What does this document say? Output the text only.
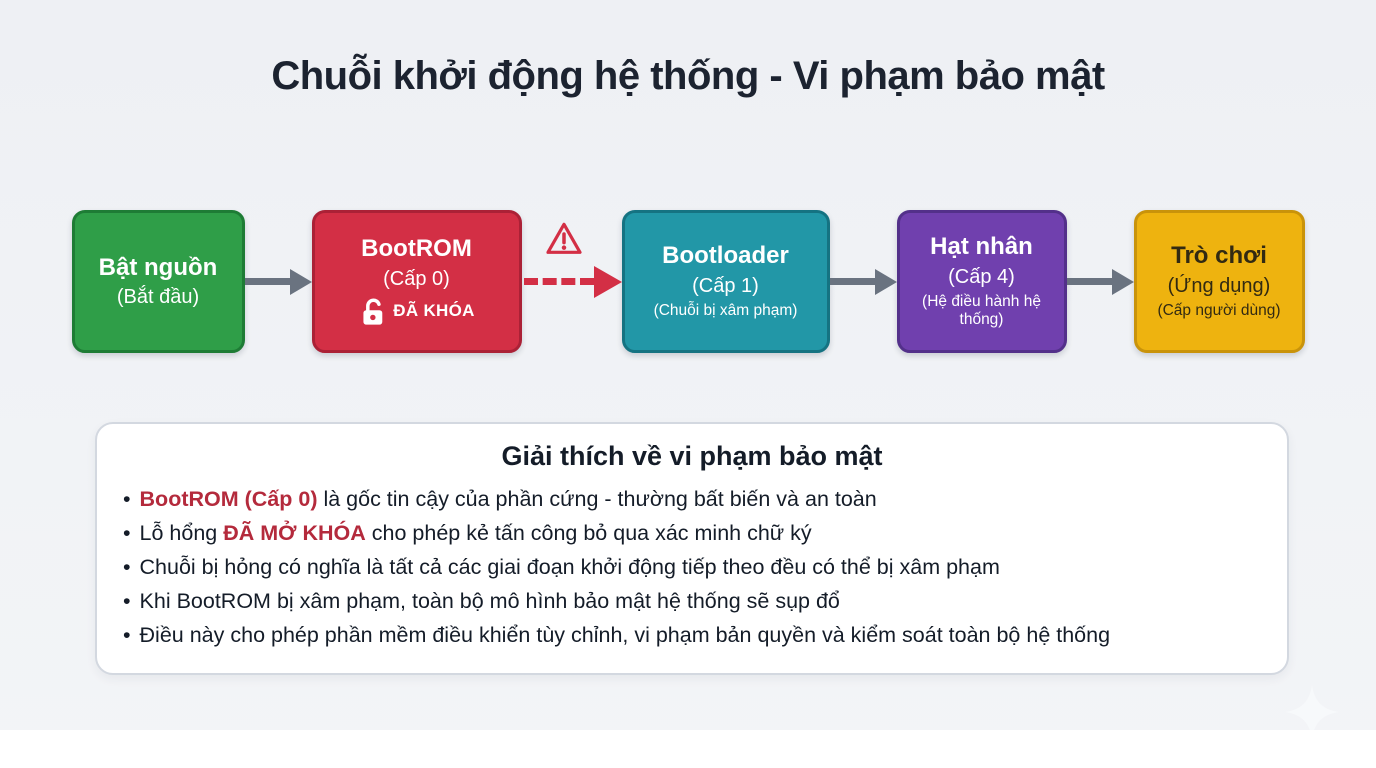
Chuỗi khởi động hệ thống - Vi phạm bảo mật
Bật nguồn
(Bắt đầu)
BootROM
(Cấp 0)
ĐÃ KHÓA
Bootloader
(Cấp 1)
(Chuỗi bị xâm phạm)
Hạt nhân
(Cấp 4)
(Hệ điều hành hệ thống)
Trò chơi
(Ứng dụng)
(Cấp người dùng)
Giải thích về vi phạm bảo mật
• BootROM (Cấp 0) là gốc tin cậy của phần cứng - thường bất biến và an toàn
• Lỗ hổng ĐÃ MỞ KHÓA cho phép kẻ tấn công bỏ qua xác minh chữ ký
• Chuỗi bị hỏng có nghĩa là tất cả các giai đoạn khởi động tiếp theo đều có thể bị xâm phạm
• Khi BootROM bị xâm phạm, toàn bộ mô hình bảo mật hệ thống sẽ sụp đổ
• Điều này cho phép phần mềm điều khiển tùy chỉnh, vi phạm bản quyền và kiểm soát toàn bộ hệ thống
